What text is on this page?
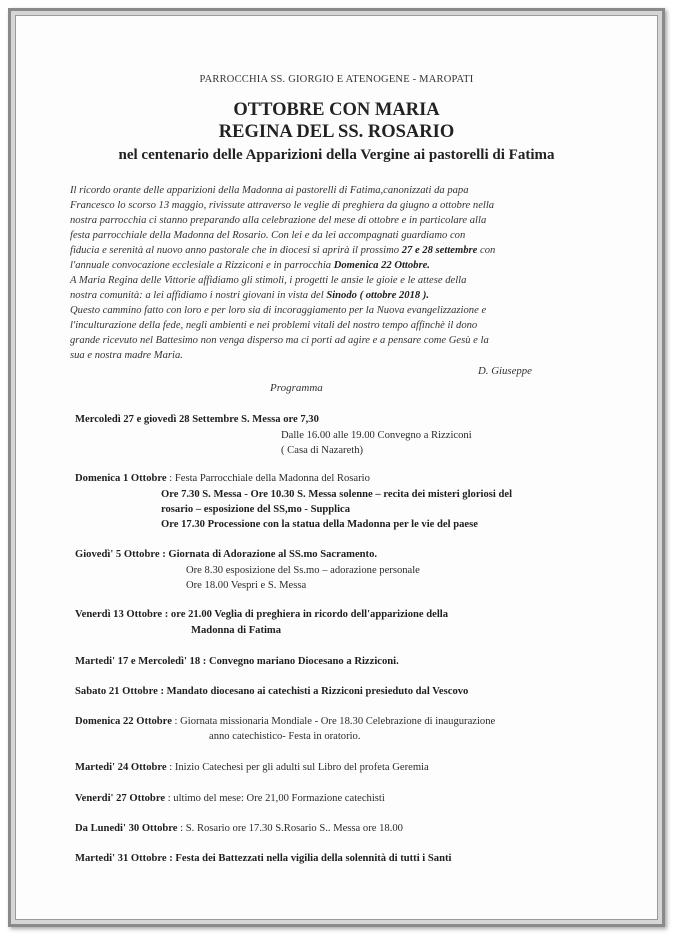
PARROCCHIA SS. GIORGIO E ATENOGENE - MAROPATI
OTTOBRE CON MARIA
REGINA DEL SS. ROSARIO
nel centenario delle Apparizioni della Vergine ai pastorelli di Fatima
Il ricordo orante delle apparizioni della Madonna ai pastorelli di Fatima,canonizzati da papa
Francesco lo scorso 13 maggio, rivissute attraverso le veglie di preghiera da giugno a ottobre nella
nostra parrocchia ci stanno preparando alla celebrazione del mese di ottobre e in particolare alla
festa parrocchiale della Madonna del Rosario. Con lei e da lei accompagnati guardiamo con
fiducia e serenità al nuovo anno pastorale che in diocesi si aprirà il prossimo 27 e 28 settembre con
l'annuale convocazione ecclesiale a Rizziconi e in parrocchia Domenica 22 Ottobre.
A Maria Regina delle Vittorie affidiamo gli stimoli, i progetti le ansie le gioie e le attese della
nostra comunità: a lei affidiamo i nostri giovani in vista del Sinodo ( ottobre 2018 ).
Questo cammino fatto con loro e per loro sia di incoraggiamento per la Nuova evangelizzazione e
l'inculturazione della fede, negli ambienti e nei problemi vitali del nostro tempo affinchè il dono
grande ricevuto nel Battesimo non venga disperso ma ci porti ad agire e a pensare come Gesù e la
sua e nostra madre Maria.
D. Giuseppe
Programma
Mercoledì 27 e giovedì 28 Settembre S. Messa ore 7,30
Dalle 16.00 alle 19.00 Convegno a Rizziconi
( Casa di Nazareth)
Domenica 1 Ottobre : Festa Parrocchiale della Madonna del Rosario
Ore 7.30 S. Messa - Ore 10.30 S. Messa solenne – recita dei misteri gloriosi del
rosario – esposizione del SS,mo - Supplica
Ore 17.30 Processione con la statua della Madonna per le vie del paese
Giovedì' 5 Ottobre : Giornata di Adorazione al SS.mo Sacramento.
Ore 8.30 esposizione del Ss.mo – adorazione personale
Ore 18.00 Vespri e S. Messa
Venerdì 13 Ottobre : ore 21.00 Veglia di preghiera in ricordo dell'apparizione della
Madonna di Fatima
Martedi' 17 e Mercoledì' 18 : Convegno mariano Diocesano a Rizziconi.
Sabato 21 Ottobre : Mandato diocesano ai catechisti a Rizziconi presieduto dal Vescovo
Domenica 22 Ottobre : Giornata missionaria Mondiale - Ore 18.30 Celebrazione di inaugurazione
anno catechistico- Festa in oratorio.
Martedi' 24 Ottobre : Inizio Catechesi per gli adulti sul Libro del profeta Geremia
Venerdi' 27 Ottobre : ultimo del mese: Ore 21,00 Formazione catechisti
Da Lunedi' 30 Ottobre : S. Rosario ore 17.30 S.Rosario S.. Messa ore 18.00
Martedi' 31 Ottobre : Festa dei Battezzati nella vigilia della solennità di tutti i Santi
